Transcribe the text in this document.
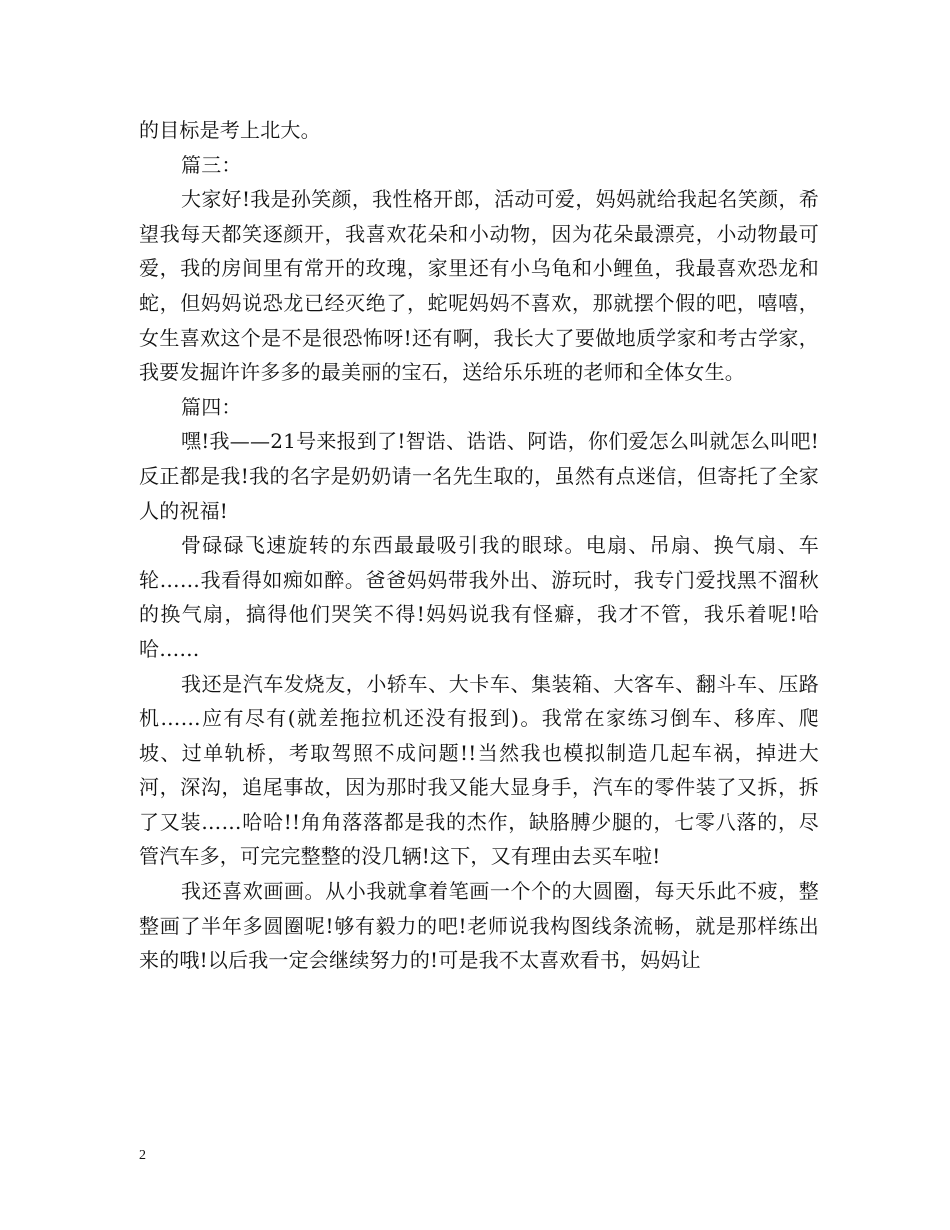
的目标是考上北大。

篇三：

大家好!我是孙笑颜，我性格开郎，活动可爱，妈妈就给我起名笑颜，希望我每天都笑逐颜开，我喜欢花朵和小动物，因为花朵最漂亮，小动物最可爱，我的房间里有常开的玫瑰，家里还有小乌龟和小鲤鱼，我最喜欢恐龙和蛇，但妈妈说恐龙已经灭绝了，蛇呢妈妈不喜欢，那就摆个假的吧，嘻嘻，女生喜欢这个是不是很恐怖呀!还有啊，我长大了要做地质学家和考古学家，我要发掘许许多多的最美丽的宝石，送给乐乐班的老师和全体女生。

篇四：

嘿!我——21号来报到了!智诰、诰诰、阿诰，你们爱怎么叫就怎么叫吧!反正都是我!我的名字是奶奶请一名先生取的，虽然有点迷信，但寄托了全家人的祝福!

骨碌碌飞速旋转的东西最最吸引我的眼球。电扇、吊扇、换气扇、车轮……我看得如痴如醉。爸爸妈妈带我外出、游玩时，我专门爱找黑不溜秋的换气扇，搞得他们哭笑不得!妈妈说我有怪癖，我才不管，我乐着呢!哈哈……

我还是汽车发烧友，小轿车、大卡车、集装箱、大客车、翻斗车、压路机……应有尽有(就差拖拉机还没有报到)。我常在家练习倒车、移库、爬坡、过单轨桥，考取驾照不成问题!!当然我也模拟制造几起车祸，掉进大河，深沟，追尾事故，因为那时我又能大显身手，汽车的零件装了又拆，拆了又装……哈哈!!角角落落都是我的杰作，缺胳膊少腿的，七零八落的，尽管汽车多，可完完整整的没几辆!这下，又有理由去买车啦!

我还喜欢画画。从小我就拿着笔画一个个的大圆圈，每天乐此不疲，整整画了半年多圆圈呢!够有毅力的吧!老师说我构图线条流畅，就是那样练出来的哦!以后我一定会继续努力的!可是我不太喜欢看书，妈妈让

2
